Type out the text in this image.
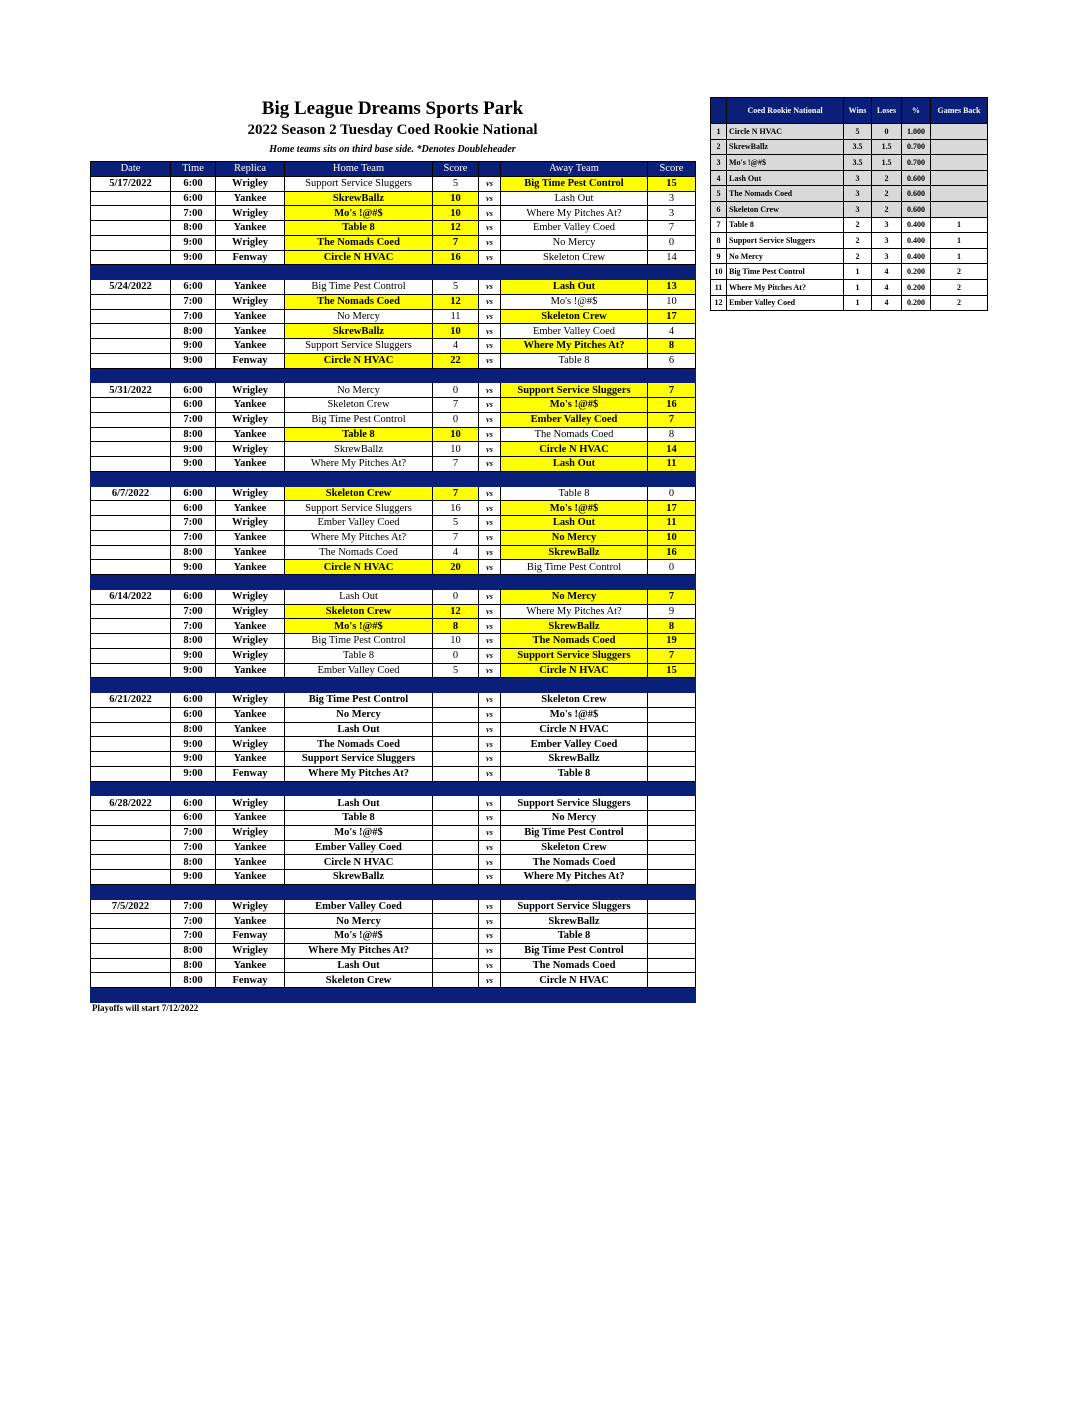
Big League Dreams Sports Park
2022 Season 2 Tuesday Coed Rookie National
Home teams sits on third base side. *Denotes Doubleheader
Date	Time	Replica	Home Team	Score		Away Team	Score
5/17/2022	6:00	Wrigley	Support Service Sluggers	5	vs	Big Time Pest Control	15
	6:00	Yankee	SkrewBallz	10	vs	Lash Out	3
	7:00	Wrigley	Mo's !@#$	10	vs	Where My Pitches At?	3
	8:00	Yankee	Table 8	12	vs	Ember Valley Coed	7
	9:00	Wrigley	The Nomads Coed	7	vs	No Mercy	0
	9:00	Fenway	Circle N HVAC	16	vs	Skeleton Crew	14

5/24/2022	6:00	Yankee	Big Time Pest Control	5	vs	Lash Out	13
	7:00	Wrigley	The Nomads Coed	12	vs	Mo's !@#$	10
	7:00	Yankee	No Mercy	11	vs	Skeleton Crew	17
	8:00	Yankee	SkrewBallz	10	vs	Ember Valley Coed	4
	9:00	Yankee	Support Service Sluggers	4	vs	Where My Pitches At?	8
	9:00	Fenway	Circle N HVAC	22	vs	Table 8	6

5/31/2022	6:00	Wrigley	No Mercy	0	vs	Support Service Sluggers	7
	6:00	Yankee	Skeleton Crew	7	vs	Mo's !@#$	16
	7:00	Wrigley	Big Time Pest Control	0	vs	Ember Valley Coed	7
	8:00	Yankee	Table 8	10	vs	The Nomads Coed	8
	9:00	Wrigley	SkrewBallz	10	vs	Circle N HVAC	14
	9:00	Yankee	Where My Pitches At?	7	vs	Lash Out	11

6/7/2022	6:00	Wrigley	Skeleton Crew	7	vs	Table 8	0
	6:00	Yankee	Support Service Sluggers	16	vs	Mo's !@#$	17
	7:00	Wrigley	Ember Valley Coed	5	vs	Lash Out	11
	7:00	Yankee	Where My Pitches At?	7	vs	No Mercy	10
	8:00	Yankee	The Nomads Coed	4	vs	SkrewBallz	16
	9:00	Yankee	Circle N HVAC	20	vs	Big Time Pest Control	0

6/14/2022	6:00	Wrigley	Lash Out	0	vs	No Mercy	7
	7:00	Wrigley	Skeleton Crew	12	vs	Where My Pitches At?	9
	7:00	Yankee	Mo's !@#$	8	vs	SkrewBallz	8
	8:00	Wrigley	Big Time Pest Control	10	vs	The Nomads Coed	19
	9:00	Wrigley	Table 8	0	vs	Support Service Sluggers	7
	9:00	Yankee	Ember Valley Coed	5	vs	Circle N HVAC	15

6/21/2022	6:00	Wrigley	Big Time Pest Control		vs	Skeleton Crew	
	6:00	Yankee	No Mercy		vs	Mo's !@#$	
	8:00	Yankee	Lash Out		vs	Circle N HVAC	
	9:00	Wrigley	The Nomads Coed		vs	Ember Valley Coed	
	9:00	Yankee	Support Service Sluggers		vs	SkrewBallz	
	9:00	Fenway	Where My Pitches At?		vs	Table 8	

6/28/2022	6:00	Wrigley	Lash Out		vs	Support Service Sluggers	
	6:00	Yankee	Table 8		vs	No Mercy	
	7:00	Wrigley	Mo's !@#$		vs	Big Time Pest Control	
	7:00	Yankee	Ember Valley Coed		vs	Skeleton Crew	
	8:00	Yankee	Circle N HVAC		vs	The Nomads Coed	
	9:00	Yankee	SkrewBallz		vs	Where My Pitches At?	

7/5/2022	7:00	Wrigley	Ember Valley Coed		vs	Support Service Sluggers	
	7:00	Yankee	No Mercy		vs	SkrewBallz	
	7:00	Fenway	Mo's !@#$		vs	Table 8	
	8:00	Wrigley	Where My Pitches At?		vs	Big Time Pest Control	
	8:00	Yankee	Lash Out		vs	The Nomads Coed	
	8:00	Fenway	Skeleton Crew		vs	Circle N HVAC	

	Coed Rookie National	Wins	Loses	%	Games Back
1	Circle N HVAC	5	0	1.000	
2	SkrewBallz	3.5	1.5	0.700	
3	Mo's !@#$	3.5	1.5	0.700	
4	Lash Out	3	2	0.600	
5	The Nomads Coed	3	2	0.600	
6	Skeleton Crew	3	2	0.600	
7	Table 8	2	3	0.400	1
8	Support Service Sluggers	2	3	0.400	1
9	No Mercy	2	3	0.400	1
10	Big Time Pest Control	1	4	0.200	2
11	Where My Pitches At?	1	4	0.200	2
12	Ember Valley Coed	1	4	0.200	2
Playoffs will start 7/12/2022
